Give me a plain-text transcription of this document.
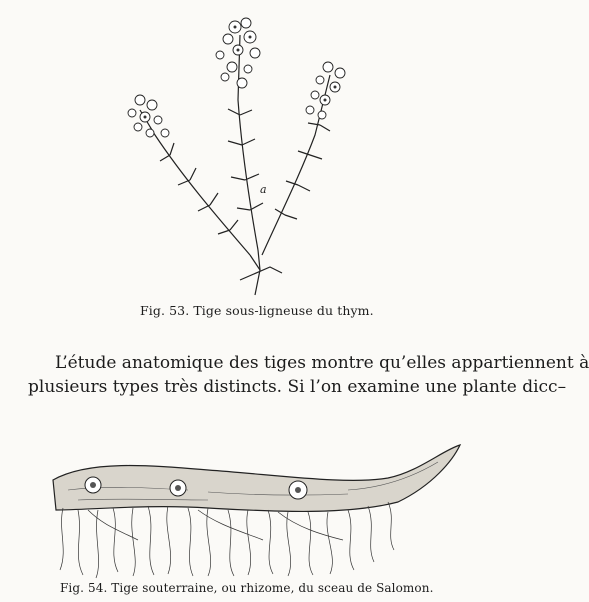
a
Fig. 53. Tige sous-ligneuse du thym.
L’étude anatomique des tiges montre qu’elles appartiennent à
plusieurs types très distincts. Si l’on examine une plante dicc–
Fig. 54. Tige souterraine, ou rhizome, du sceau de Salomon.
